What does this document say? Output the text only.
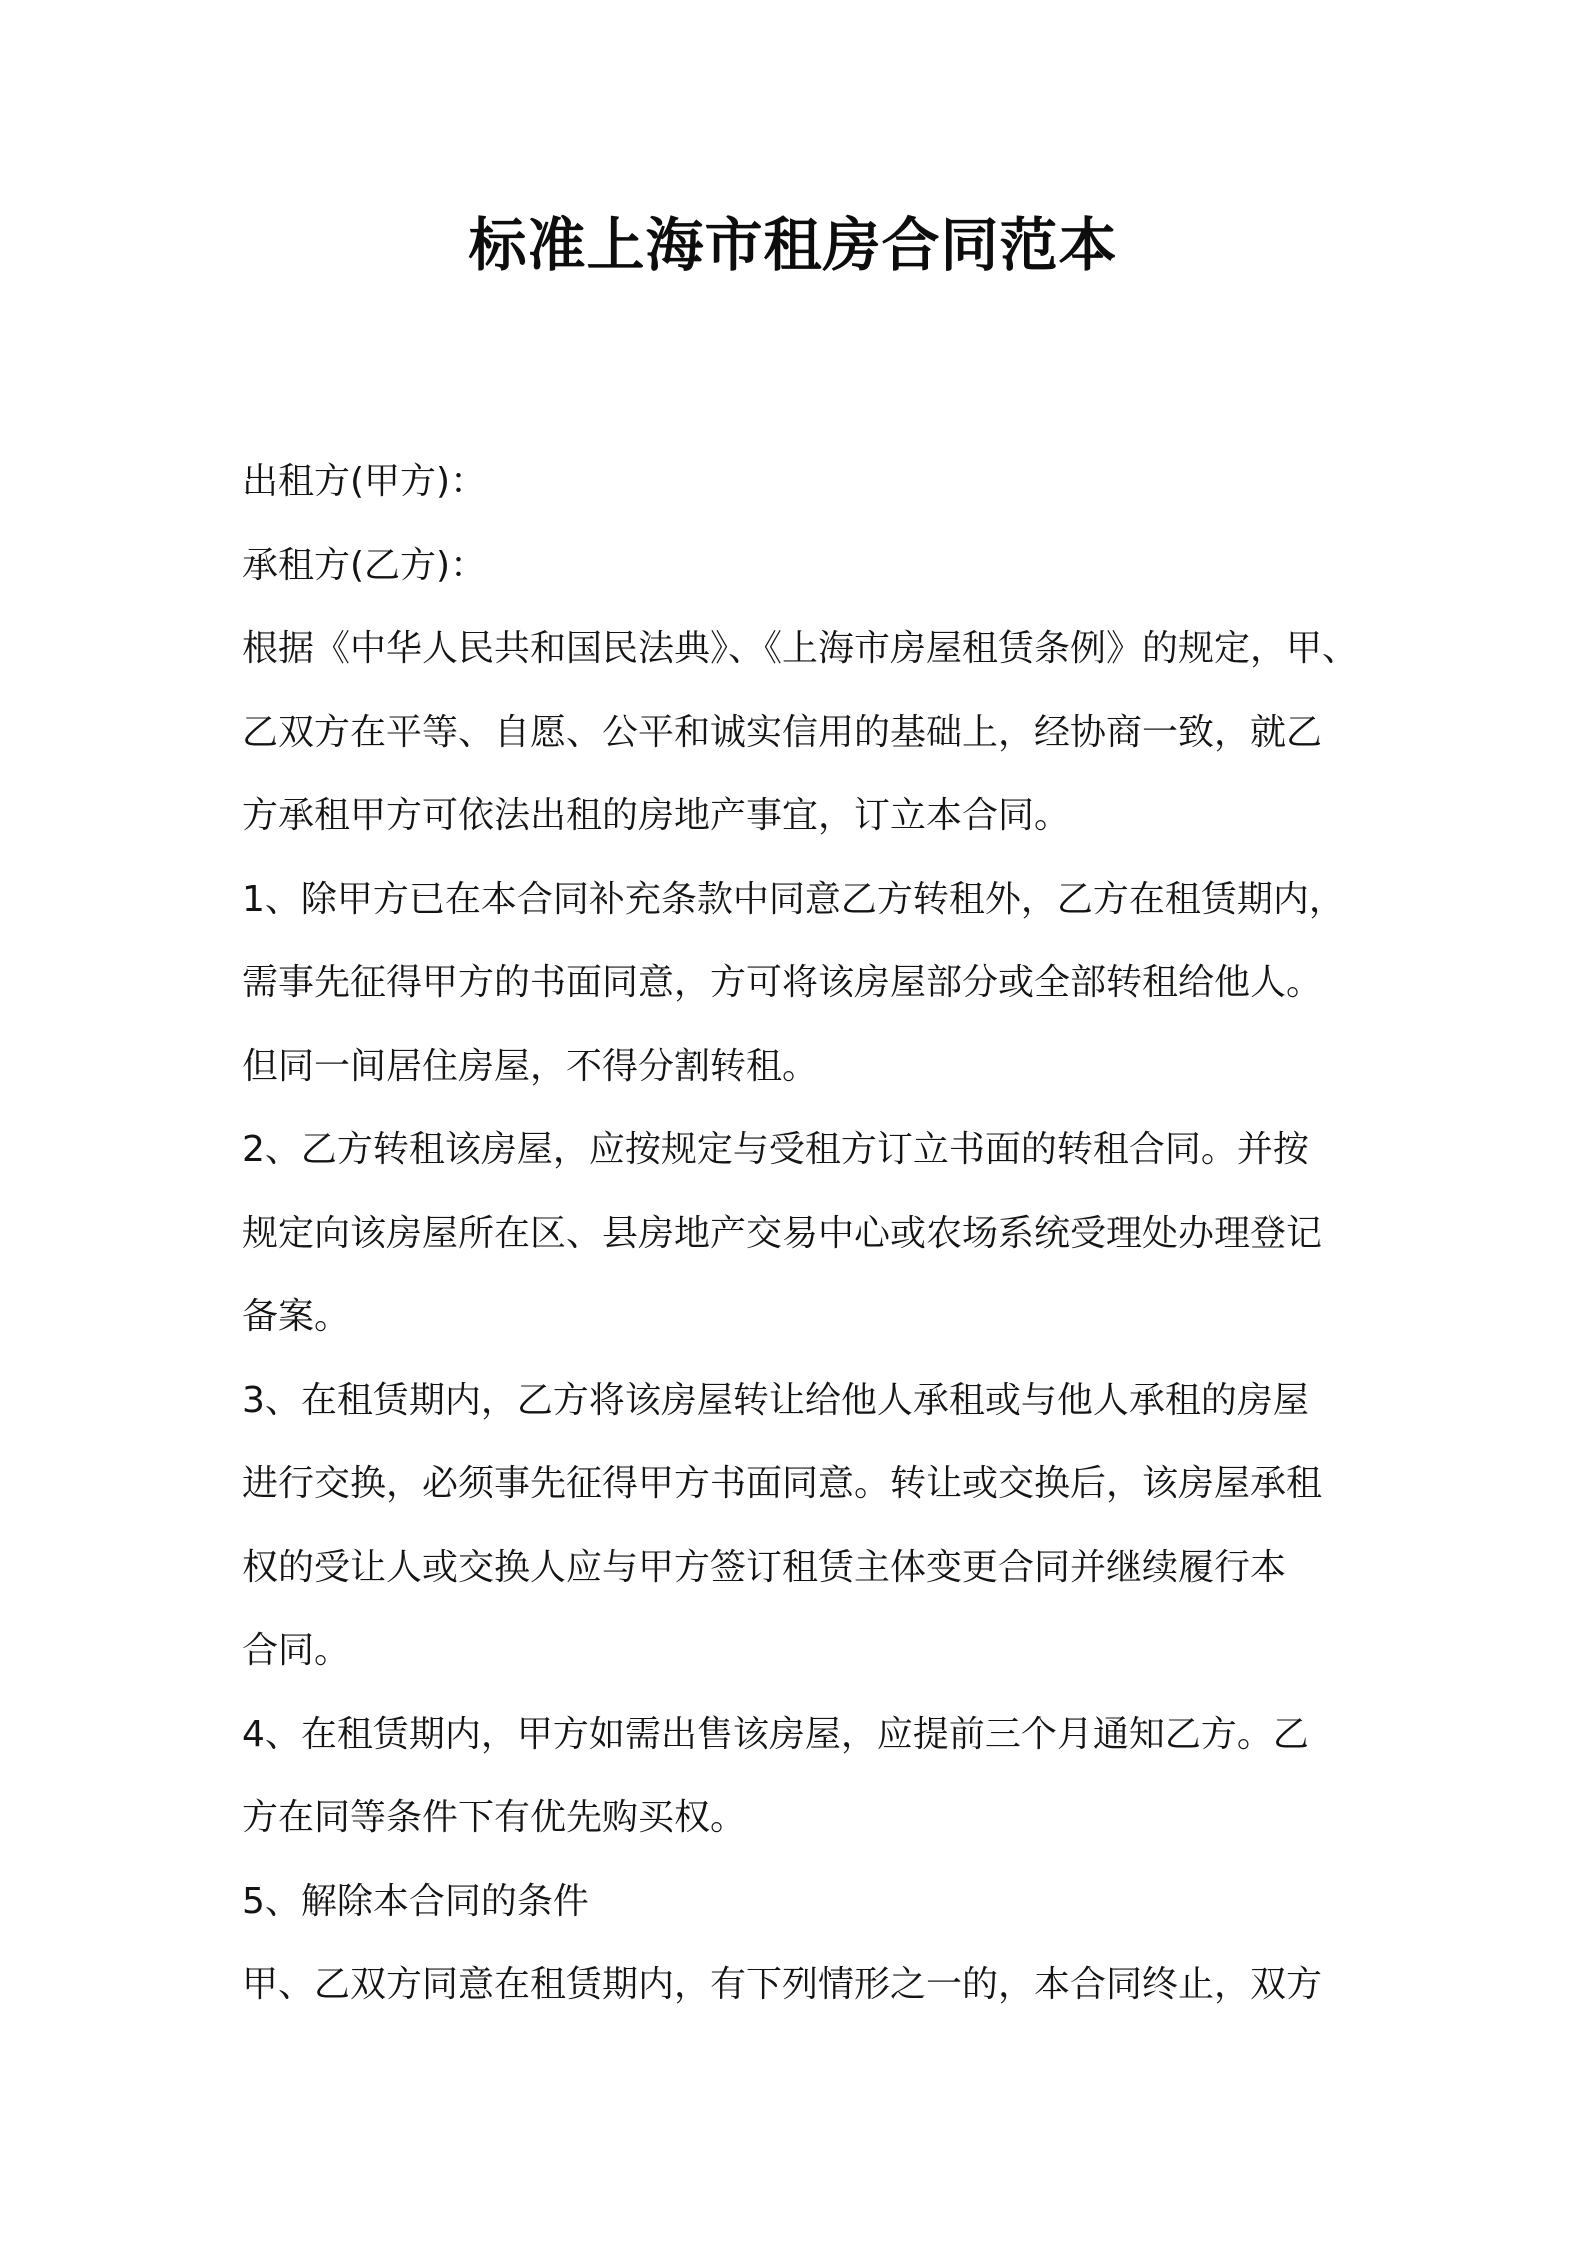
标准上海市租房合同范本
出租方(甲方)：
承租方(乙方)：
根据《中华人民共和国民法典》、《上海市房屋租赁条例》的规定，甲、
乙双方在平等、自愿、公平和诚实信用的基础上，经协商一致，就乙
方承租甲方可依法出租的房地产事宜，订立本合同。
1、除甲方已在本合同补充条款中同意乙方转租外，乙方在租赁期内，
需事先征得甲方的书面同意，方可将该房屋部分或全部转租给他人。
但同一间居住房屋，不得分割转租。
2、乙方转租该房屋，应按规定与受租方订立书面的转租合同。并按
规定向该房屋所在区、县房地产交易中心或农场系统受理处办理登记
备案。
3、在租赁期内，乙方将该房屋转让给他人承租或与他人承租的房屋
进行交换，必须事先征得甲方书面同意。转让或交换后，该房屋承租
权的受让人或交换人应与甲方签订租赁主体变更合同并继续履行本
合同。
4、在租赁期内，甲方如需出售该房屋，应提前三个月通知乙方。乙
方在同等条件下有优先购买权。
5、解除本合同的条件
甲、乙双方同意在租赁期内，有下列情形之一的，本合同终止，双方
